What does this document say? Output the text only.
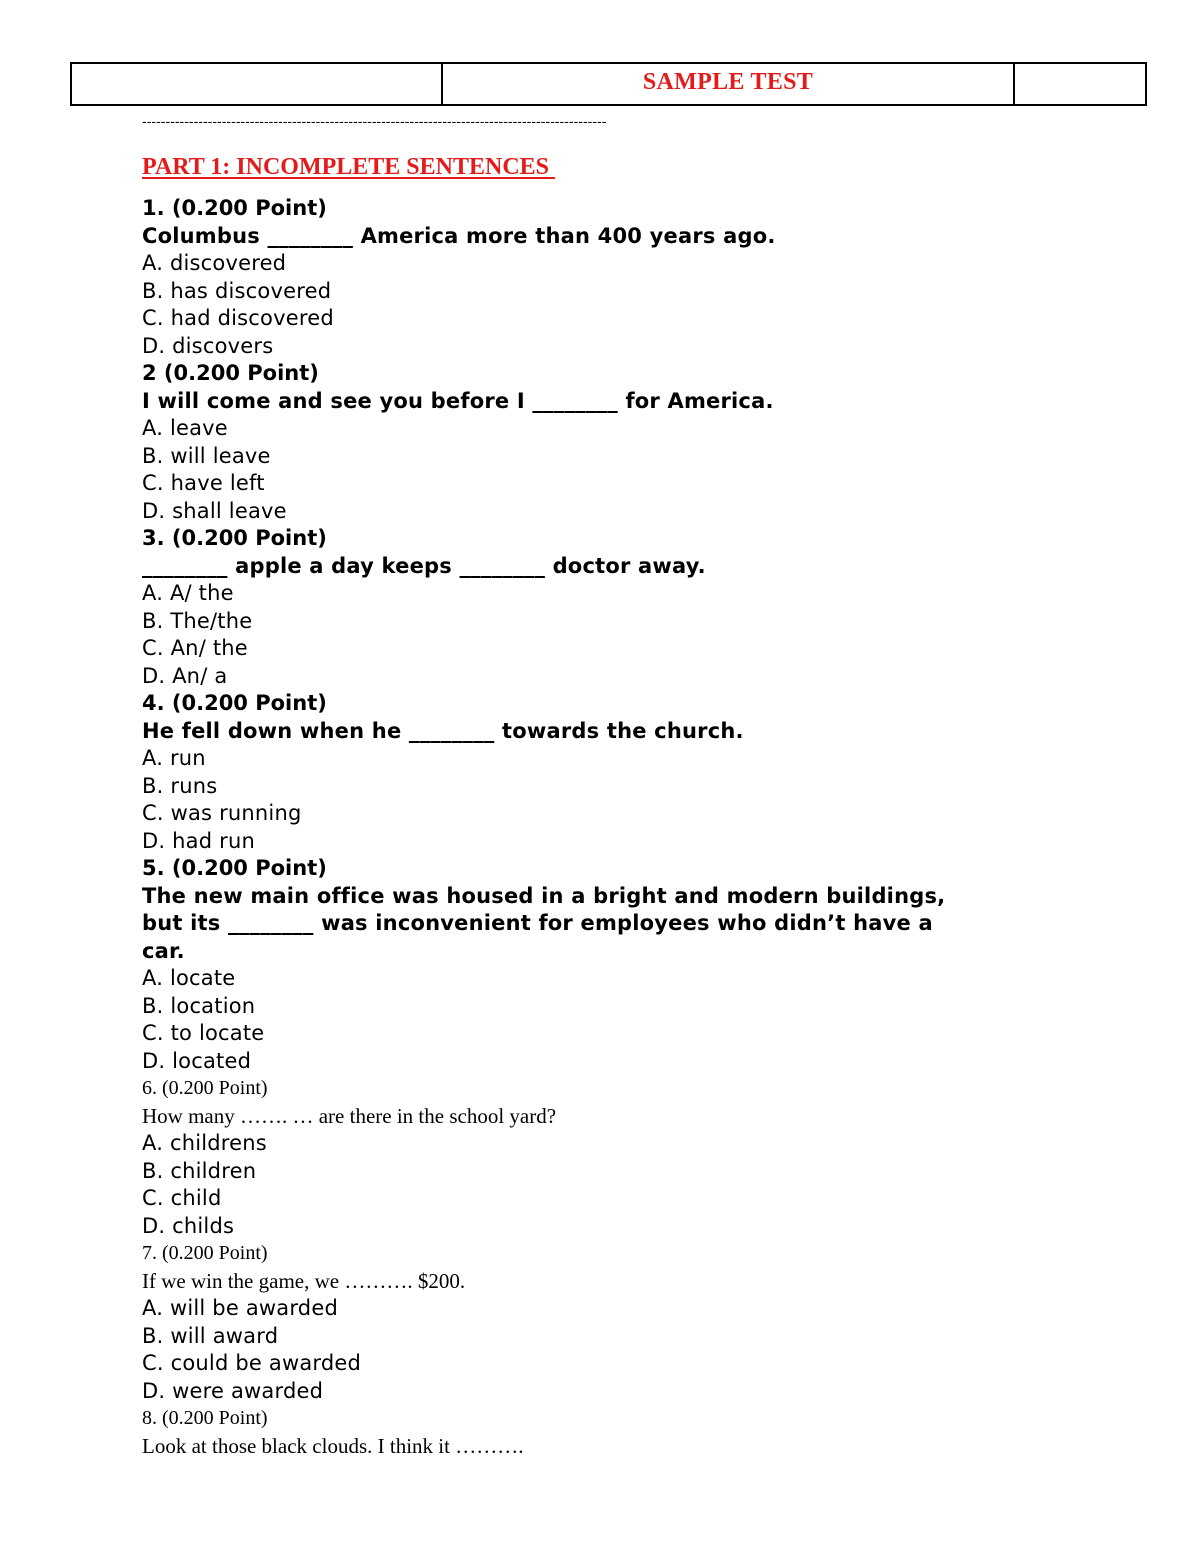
	SAMPLE TEST	
---------------------------------------------------------------------------------------------------
PART 1: INCOMPLETE SENTENCES
1. (0.200 Point)
Columbus ________ America more than 400 years ago.
A. discovered
B. has discovered
C. had discovered
D. discovers
2 (0.200 Point)
I will come and see you before I ________ for America.
A. leave
B. will leave
C. have left
D. shall leave
3. (0.200 Point)
________ apple a day keeps ________ doctor away.
A. A/ the
B. The/the
C. An/ the
D. An/ a
4. (0.200 Point)
He fell down when he ________ towards the church.
A. run
B. runs
C. was running
D. had run
5. (0.200 Point)
The new main office was housed in a bright and modern buildings,
but its ________ was inconvenient for employees who didn’t have a
car.
A. locate
B. location
C. to locate
D. located
6. (0.200 Point)
How many ……. … are there in the school yard?
A. childrens
B. children
C. child
D. childs
7. (0.200 Point)
If we win the game, we ………. $200.
A. will be awarded
B. will award
C. could be awarded
D. were awarded
8. (0.200 Point)
Look at those black clouds. I think it ……….
